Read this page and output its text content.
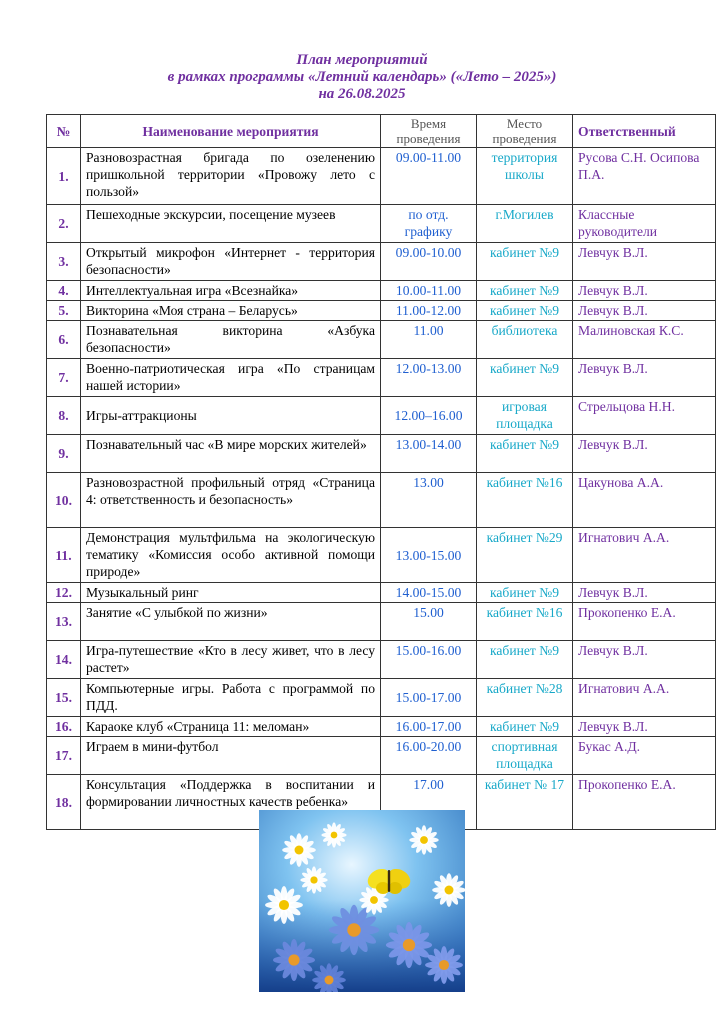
План мероприятий
в рамках программы «Летний календарь» («Лето – 2025»)
на 26.08.2025
№	Наименование мероприятия	Время проведения	Место проведения	Ответственный
1.	Разновозрастная бригада по озеленению пришкольной территории «Провожу лето с пользой»	09.00-11.00	территория школы	Русова С.Н. Осипова П.А.
2.	Пешеходные экскурсии, посещение музеев	по отд. графику	г.Могилев	Классные руководители
3.	Открытый микрофон «Интернет - территория безопасности»	09.00-10.00	кабинет №9	Левчук В.Л.
4.	Интеллектуальная игра «Всезнайка»	10.00-11.00	кабинет №9	Левчук В.Л.
5.	Викторина «Моя страна – Беларусь»	11.00-12.00	кабинет №9	Левчук В.Л.
6.	Познавательная викторина «Азбука безопасности»	11.00	библиотека	Малиновская К.С.
7.	Военно-патриотическая игра «По страницам нашей истории»	12.00-13.00	кабинет №9	Левчук В.Л.
8.	Игры-аттракционы	12.00–16.00	игровая площадка	Стрельцова Н.Н.
9.	Познавательный час «В мире морских жителей»	13.00-14.00	кабинет №9	Левчук В.Л.
10.	Разновозрастной профильный отряд «Страница 4: ответственность и безопасность»	13.00	кабинет №16	Цакунова А.А.
11.	Демонстрация мультфильма на экологическую тематику «Комиссия особо активной помощи природе»	13.00-15.00	кабинет №29	Игнатович А.А.
12.	Музыкальный ринг	14.00-15.00	кабинет №9	Левчук В.Л.
13.	Занятие «С улыбкой по жизни»	15.00	кабинет №16	Прокопенко Е.А.
14.	Игра-путешествие «Кто в лесу живет, что в лесу растет»	15.00-16.00	кабинет №9	Левчук В.Л.
15.	Компьютерные игры. Работа с программой по ПДД.	15.00-17.00	кабинет №28	Игнатович А.А.
16.	Караоке клуб «Страница 11: меломан»	16.00-17.00	кабинет №9	Левчук В.Л.
17.	Играем в мини-футбол	16.00-20.00	спортивная площадка	Букас А.Д.
18.	Консультация «Поддержка в воспитании и формировании личностных качеств ребенка»	17.00	кабинет № 17	Прокопенко Е.А.
